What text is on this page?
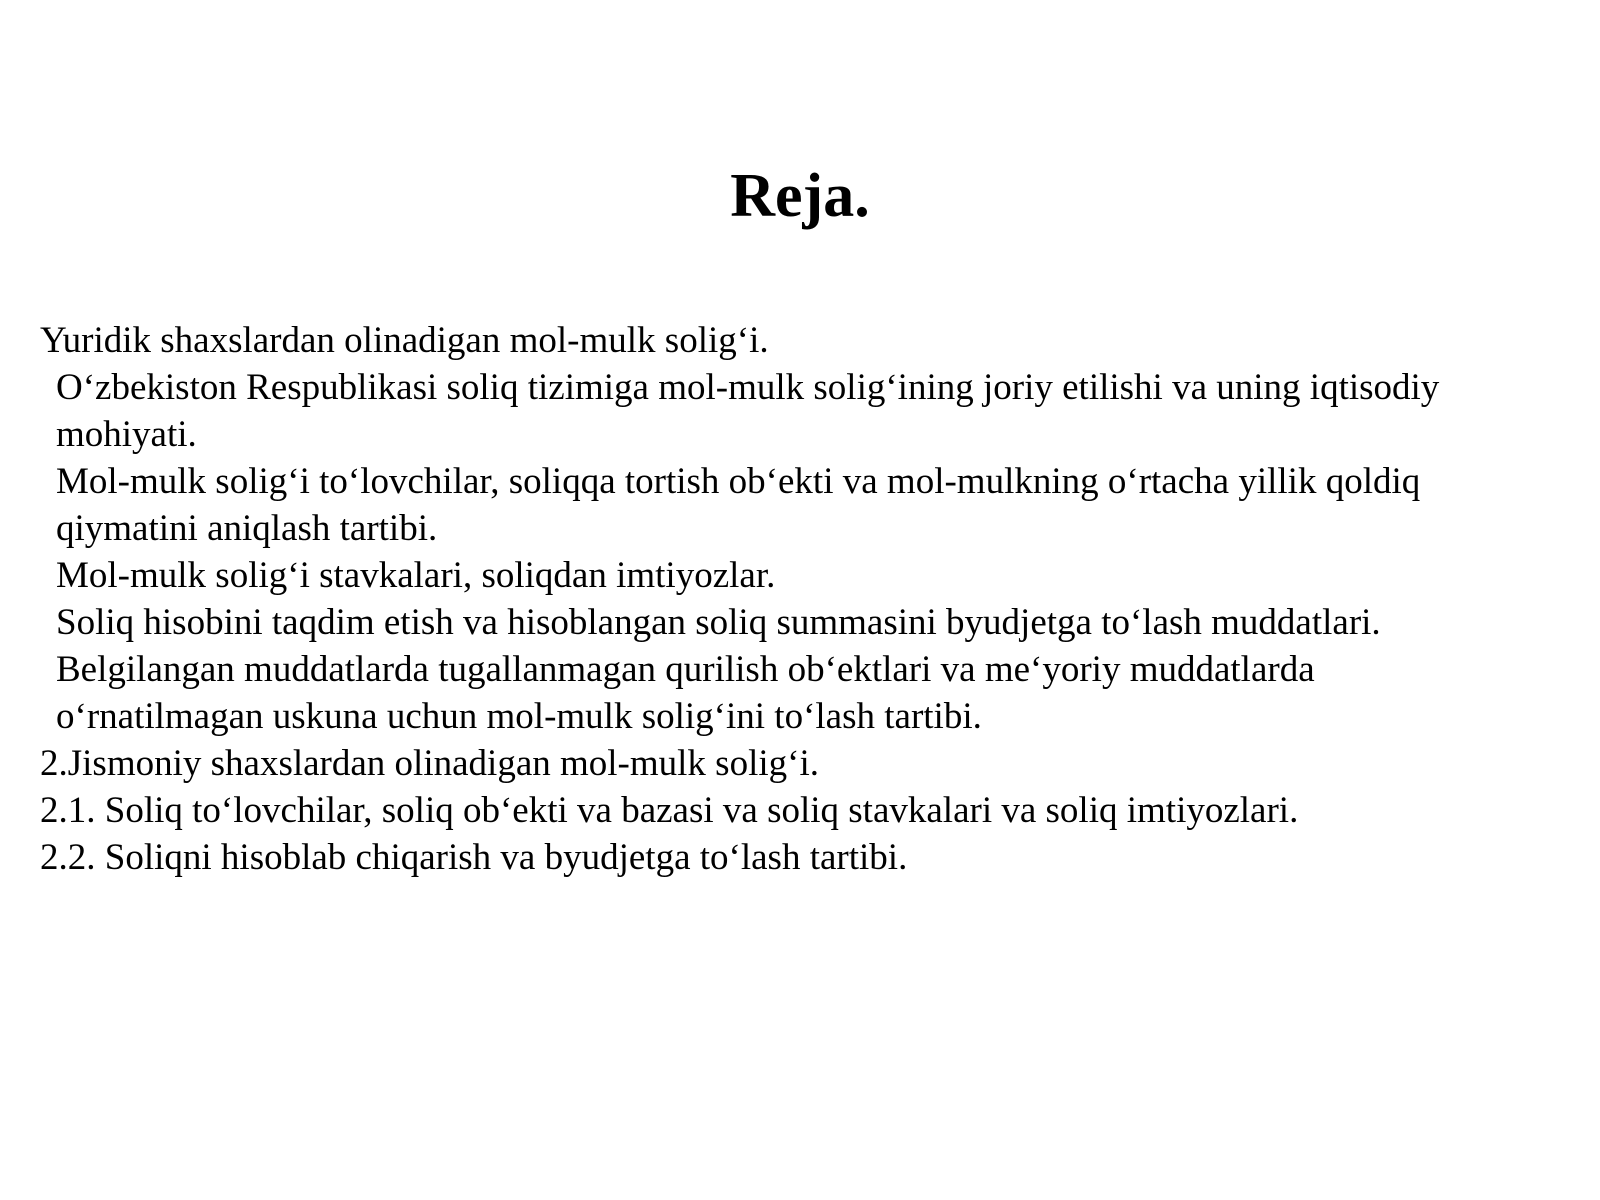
Reja.

Yuridik shaxslardan olinadigan mol-mulk solig‘i.

O‘zbekiston Respublikasi soliq tizimiga mol-mulk solig‘ining joriy etilishi va uning iqtisodiy

mohiyati.

Mol-mulk solig‘i to‘lovchilar, soliqqa tortish ob‘ekti va mol-mulkning o‘rtacha yillik qoldiq

qiymatini aniqlash tartibi.

Mol-mulk solig‘i stavkalari, soliqdan imtiyozlar.

Soliq hisobini taqdim etish va hisoblangan soliq summasini byudjetga to‘lash muddatlari.

Belgilangan muddatlarda tugallanmagan qurilish ob‘ektlari va me‘yoriy muddatlarda

o‘rnatilmagan uskuna uchun mol-mulk solig‘ini to‘lash tartibi.

2.Jismoniy shaxslardan olinadigan mol-mulk solig‘i.

2.1. Soliq to‘lovchilar, soliq ob‘ekti va bazasi va soliq stavkalari va soliq imtiyozlari.

2.2. Soliqni hisoblab chiqarish va byudjetga to‘lash tartibi.
